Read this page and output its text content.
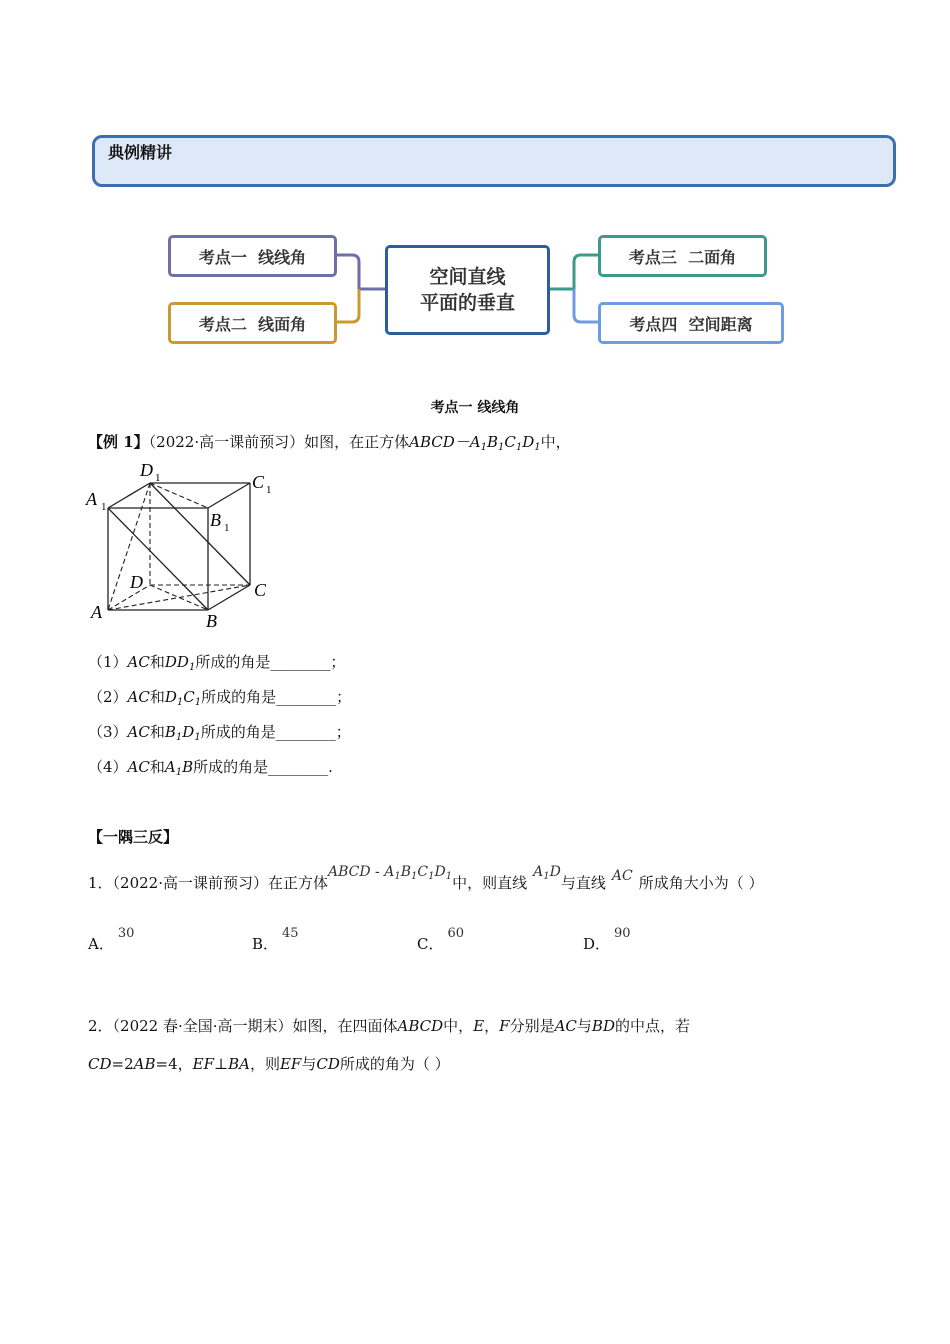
典例精讲
考点一  线线角
考点二  线面角
空间直线
平面的垂直
考点三  二面角
考点四  空间距离
考点一 线线角
【例 1】（2022·高一课前预习）如图，在正方体$ABCD-A_1B_1C_1D_1$中，
A 1
D 1	C 1
B 1
D	C
A	B
（1）AC和$DD_1$所成的角是________；
（2）AC和$D_1C_1$所成的角是________；
（3）AC和$B_1D_1$所成的角是________；
（4）AC和$A_1B$所成的角是________.
【一隅三反】
1．（2022·高一课前预习）在正方体ABCD - $A_1B_1C_1D_1$中，则直线$A_1D$与直线 AC 所成角大小为（ ）
A．30
B．45
C．60
D．90
2．（2022 春·全国·高一期末）如图，在四面体ABCD中，E，F分别是AC与BD的中点，若
CD=2AB=4，EF⊥BA，则EF与CD所成的角为（ ）
